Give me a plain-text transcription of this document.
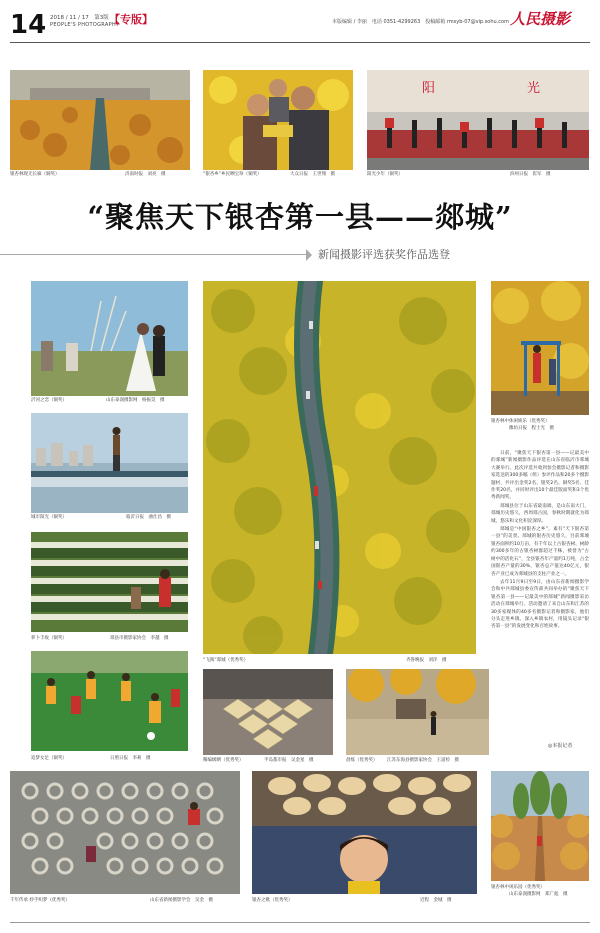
14 2018 / 11 / 17　第3版
PEOPLE'S PHOTOGRAPHY
【专版】	本版编辑 / 李丽　电话 0351-4299263　投稿邮箱 rmsyb-07@vip.sohu.com 人民摄影
银杏林现无长廊（铜奖）	济南时报　刘亮　摄	“银杏乡”乡民晒宝珍（铜奖）	大众日报　王世翔　摄
阳	光
阳光少年（铜奖）	滨州日报　崔军　摄
“聚焦天下银杏第一县——郯城”
新闻摄影评选获奖作品选登
沂河之恋（铜奖）	山东泰润摄影网　杨振昊　摄
城市阳光（铜奖）	临沂日报　曲仕昌　摄
萝卜丰收（铜奖）	郯县市摄影家协会　李越　摄
“飞阅”郯城（优秀奖）	齐鲁晚报　刘洋　摄
银杏林中休闲娱乐（优秀奖）
潍坊日报　程士光　摄

日前，“聚焦天下银杏第一县——记最美中的郯城”新闻摄影作品评选在山东省临沂市郯城大赛举行。此次评选共收到参会摄影记者和摄影家选送的300多幅（组）参评作品和20多个摄影题材，共评出金奖2名、银奖2名、铜奖5名、佳作奖20名，并同时评出10个最佳版面奖和3个优秀新闻奖。

郯城县位于山东省最南端，是山东南大门，郯城历史悠久，西周郯古国，春秋时期就化为郯城，悠乐和文化积淀深厚。

郯城是“中国银杏之乡”，素有“天下银杏第一县”的美誉。郯城的银杏历史悠久，目前郯城银杏面积约10万亩，有千年以上古银杏树、树龄约300多年的古银杏树群超过千株，被誉为“古树中的活化石”，全县银杏年产量约1万吨，占全国银杏产量的30%，银杏总产值达40亿元，银杏产业已成为郯城县的支柱产业之一。

去年11月9日至9日，由山东省新闻摄影学会和中共郯城县委宣传部共同举办的“聚焦天下银杏第一县——记最美中的郯城”新闻摄影采访活动在郯城举行。活动邀请了来自山东和江苏的30多家媒体的40多名摄影记者和摄影家，他们分头走进乡镇、深入乡镇农村，用镜头记录“银杏第一县”的发展变化和百姓故事。

◎本报记者
追梦女足（铜奖）	日照日报　李莉　摄	稀编级晒（优秀奖）	半岛都市报　吴金星　摄	晨练（优秀奖） 江苏东海县摄影家协会　王道检　摄
千年传承 妙手织梦（优秀奖）	山东省新闻摄影学会　吴金　摄	银杏之歌（优秀奖）	近程　金城　摄
银杏林中闲乐园（优秀奖）
山东泰润摄影网　郑广彪　摄
